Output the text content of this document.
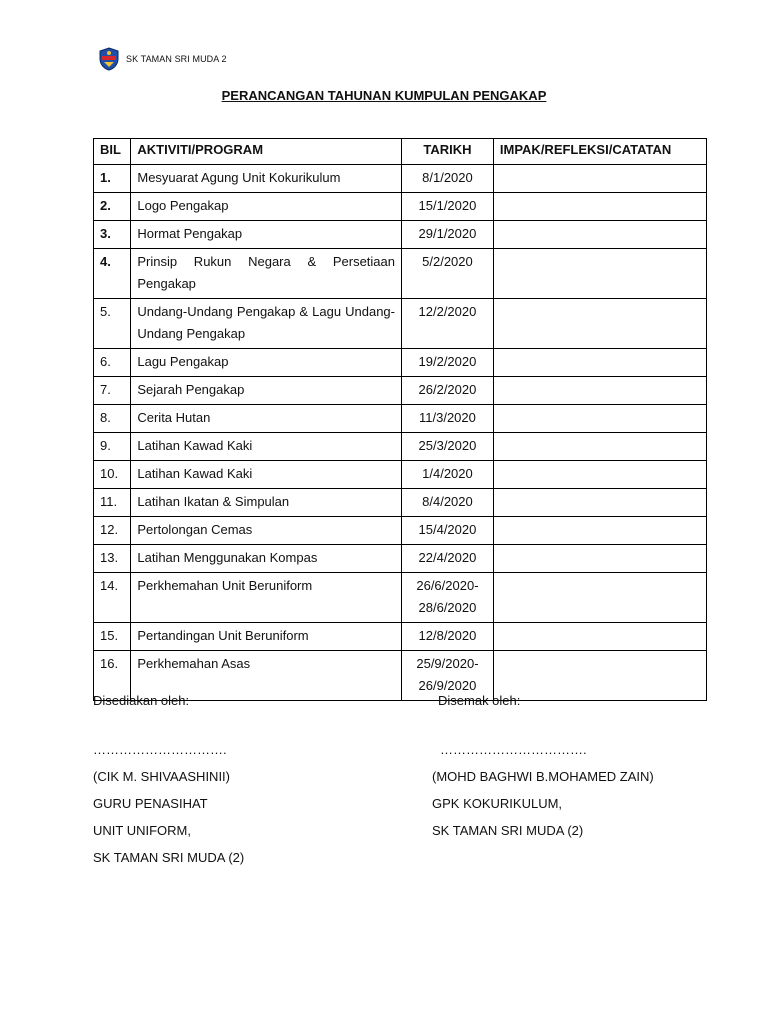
SK TAMAN SRI MUDA 2
PERANCANGAN TAHUNAN KUMPULAN PENGAKAP
BIL	AKTIVITI/PROGRAM	TARIKH	IMPAK/REFLEKSI/CATATAN
1.	Mesyuarat Agung Unit Kokurikulum	8/1/2020	
2.	Logo Pengakap	15/1/2020	
3.	Hormat Pengakap	29/1/2020	
4.	Prinsip Rukun Negara & Persetiaan Pengakap	5/2/2020	
5.	Undang-Undang Pengakap & Lagu Undang-Undang Pengakap	12/2/2020	
6.	Lagu Pengakap	19/2/2020	
7.	Sejarah Pengakap	26/2/2020	
8.	Cerita Hutan	11/3/2020	
9.	Latihan Kawad Kaki	25/3/2020	
10.	Latihan Kawad Kaki	1/4/2020	
11.	Latihan Ikatan & Simpulan	8/4/2020	
12.	Pertolongan Cemas	15/4/2020	
13.	Latihan Menggunakan Kompas	22/4/2020	
14.	Perkhemahan Unit Beruniform	26/6/2020-28/6/2020	
15.	Pertandingan Unit Beruniform	12/8/2020	
16.	Perkhemahan Asas	25/9/2020-26/9/2020	
Disediakan oleh:
………………………….
(CIK M. SHIVAASHINII)
GURU PENASIHAT
UNIT UNIFORM,
SK TAMAN SRI MUDA (2)
Disemak oleh:
…………………………….
(MOHD BAGHWI B.MOHAMED ZAIN)
GPK KOKURIKULUM,
SK TAMAN SRI MUDA (2)
